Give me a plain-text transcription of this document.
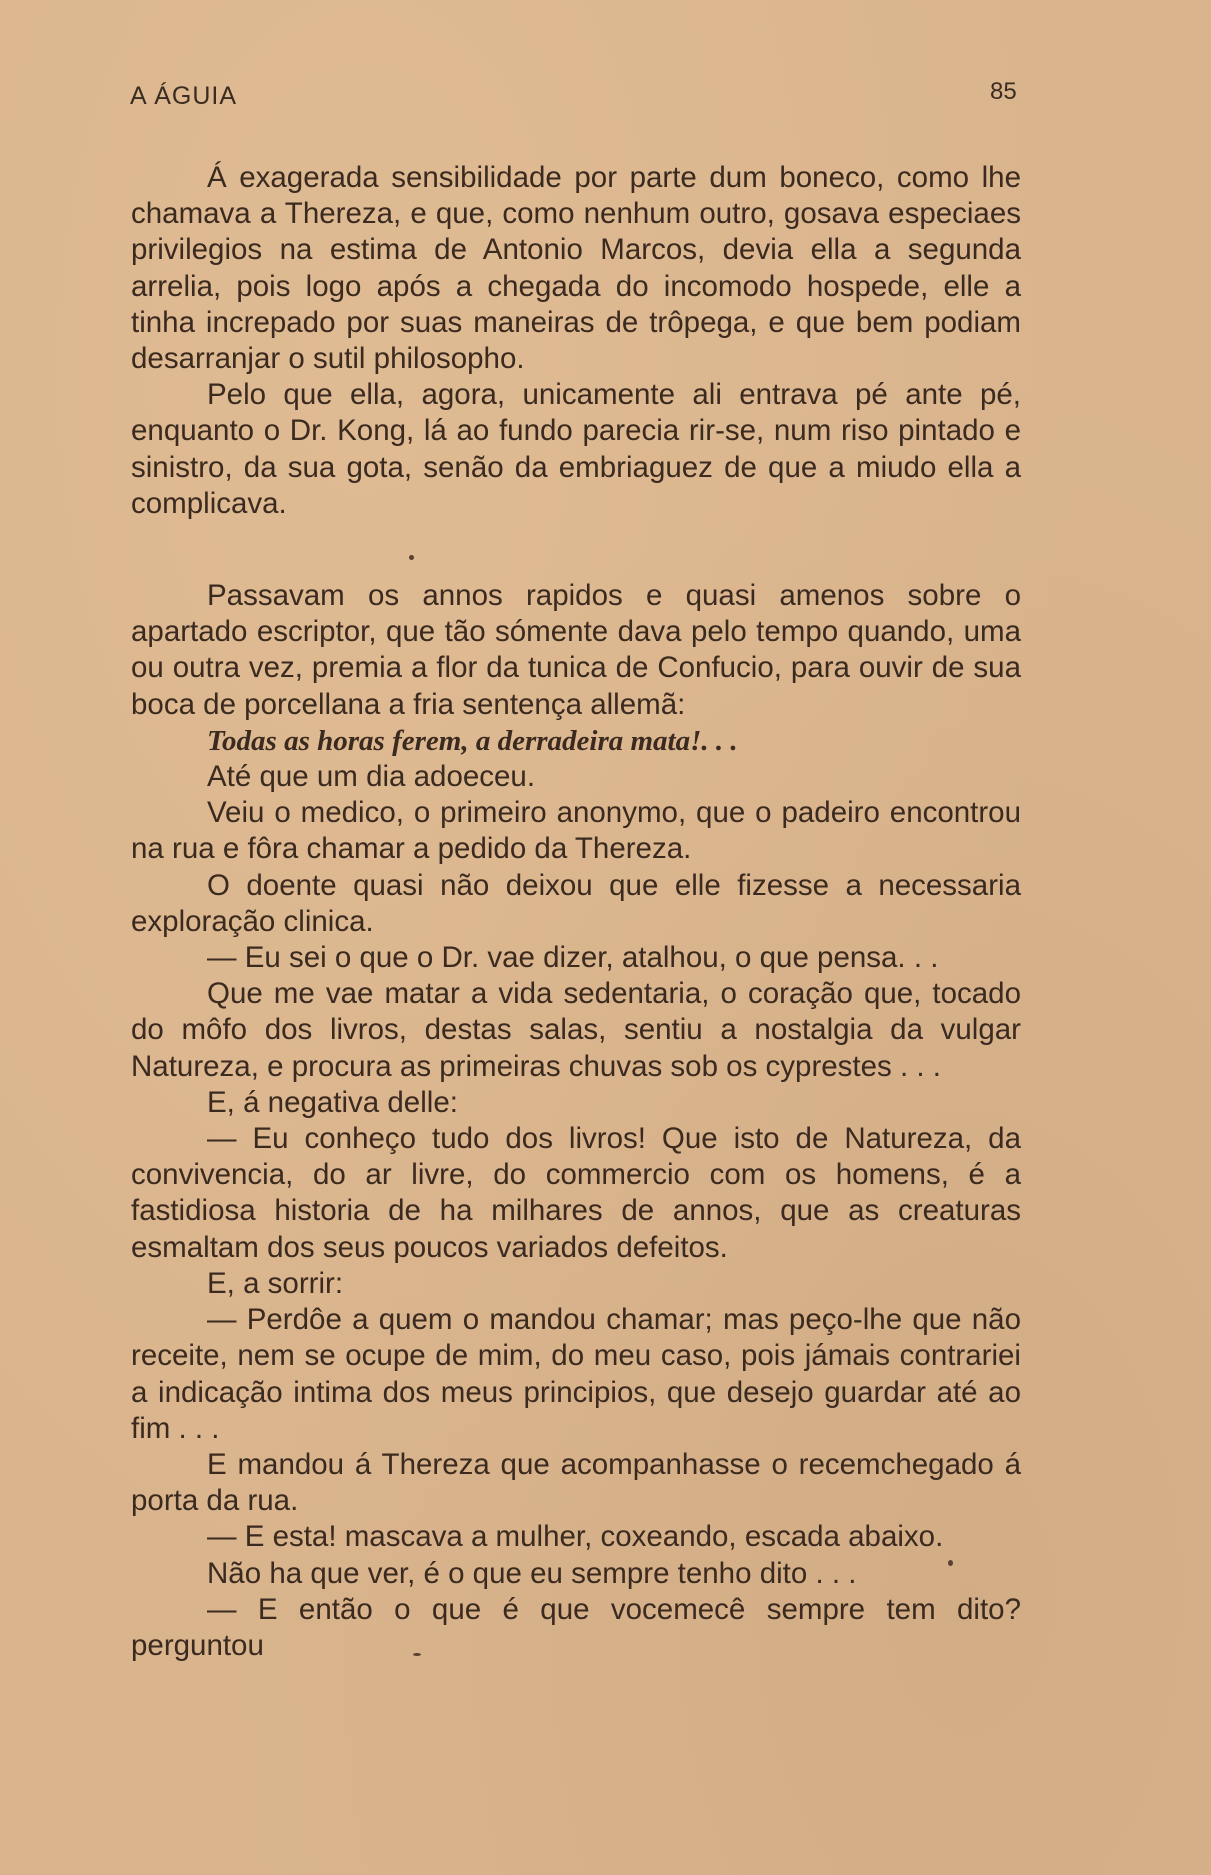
A ÁGUIA	85

Á exagerada sensibilidade por parte dum boneco, como lhe chamava a Thereza, e que, como nenhum outro, gosava especiaes privilegios na estima de Antonio Marcos, devia ella a segunda arrelia, pois logo após a chegada do incomodo hospede, elle a tinha increpado por suas maneiras de trôpega, e que bem podiam desarranjar o sutil philosopho.

Pelo que ella, agora, unicamente ali entrava pé ante pé, enquanto o Dr. Kong, lá ao fundo parecia rir-se, num riso pintado e sinistro, da sua gota, senão da embriaguez de que a miudo ella a complicava.

Passavam os annos rapidos e quasi amenos sobre o apartado escriptor, que tão sómente dava pelo tempo quando, uma ou outra vez, premia a flor da tunica de Confucio, para ouvir de sua boca de porcellana a fria sentença allemã:

Todas as horas ferem, a derradeira mata!. . .

Até que um dia adoeceu.

Veiu o medico, o primeiro anonymo, que o padeiro encontrou na rua e fôra chamar a pedido da Thereza.

O doente quasi não deixou que elle fizesse a necessaria exploração clinica.

— Eu sei o que o Dr. vae dizer, atalhou, o que pensa. . .

Que me vae matar a vida sedentaria, o coração que, tocado do môfo dos livros, destas salas, sentiu a nostalgia da vulgar Natureza, e procura as primeiras chuvas sob os cyprestes . . .

E, á negativa delle:

— Eu conheço tudo dos livros! Que isto de Natureza, da convivencia, do ar livre, do commercio com os homens, é a fastidiosa historia de ha milhares de annos, que as creaturas esmaltam dos seus poucos variados defeitos.

E, a sorrir:

— Perdôe a quem o mandou chamar; mas peço-lhe que não receite, nem se ocupe de mim, do meu caso, pois jámais contrariei a indicação intima dos meus principios, que desejo guardar até ao fim . . .

E mandou á Thereza que acompanhasse o recemchegado á porta da rua.

— E esta! mascava a mulher, coxeando, escada abaixo.

Não ha que ver, é o que eu sempre tenho dito . . .

— E então o que é que vocemecê sempre tem dito? perguntou
